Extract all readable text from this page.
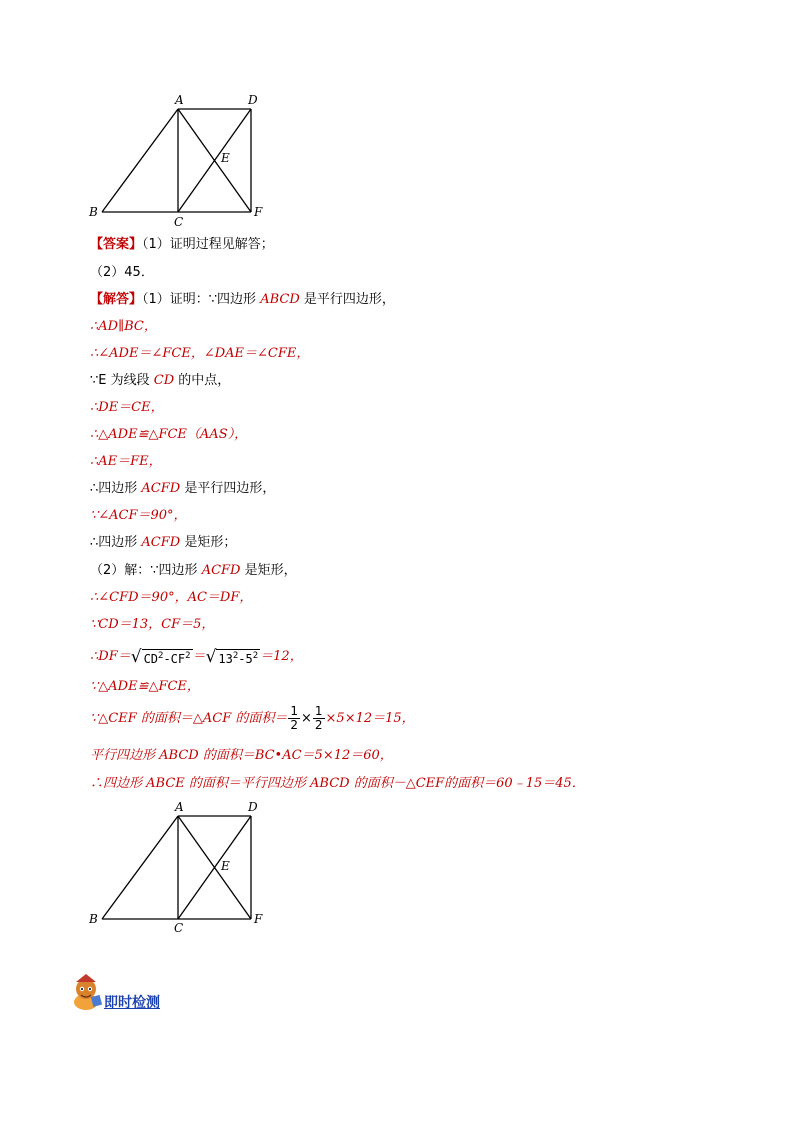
A	D
E
B
C
F
【答案】（1）证明过程见解答；
（2）45．
【解答】（1）证明：∵四边形 ABCD 是平行四边形，
∴AD∥BC，
∴∠ADE＝∠FCE，∠DAE＝∠CFE，
∵E 为线段 CD 的中点，
∴DE＝CE，
∴△ADE≌△FCE（AAS），
∴AE＝FE，
∴四边形 ACFD 是平行四边形，
∵∠ACF＝90°，
∴四边形 ACFD 是矩形；
（2）解：∵四边形 ACFD 是矩形，
∴∠CFD＝90°，AC＝DF，
∵CD＝13，CF＝5，
∴DF＝√ $CD^2-CF^2$ ＝√ $13^2-5^2 =12$，
∵△ADE≌△FCE，
∵△CEF 的面积＝△ACF 的面积＝ $\frac{1}{2} \times \frac{1}{2} \times 5\times 12=15$，
平行四边形 ABCD 的面积＝BC•AC＝5×12＝60，
∴四边形 ABCE 的面积＝平行四边形 ABCD 的面积－△CEF的面积＝60﹣15＝45．
A	D
E
B
C
F
即时检测
